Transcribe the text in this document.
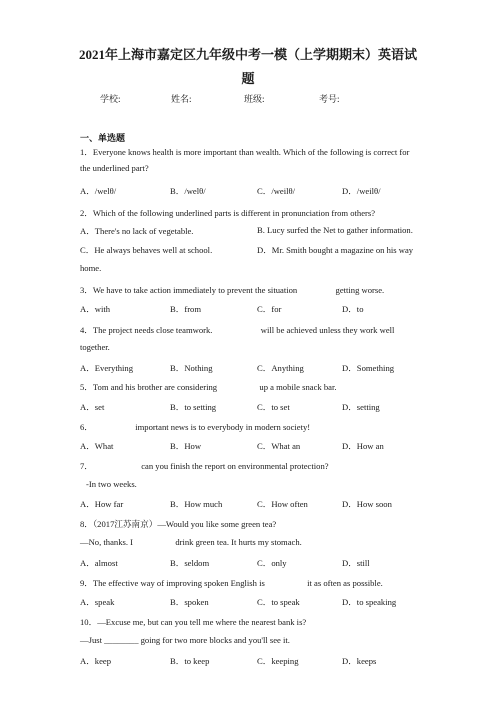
2021年上海市嘉定区九年级中考一模（上学期期末）英语试
题
学校:	姓名:	班级:	考号:
一、单选题
1．Everyone knows health is more important than wealth. Which of the following is correct for
the underlined part?
A．/welθ/	B．/welθ/	C．/weilθ/	D．/weilθ/
2．Which of the following underlined parts is different in pronunciation from others?
A．There's no lack of vegetable.	B. Lucy surfed the Net to gather information.
C．He always behaves well at school.	D．Mr. Smith bought a magazine on his way
home.
3．We have to take action immediately to prevent the situation	getting worse.
A．with	B．from	C．for	D．to
4．The project needs close teamwork.	will be achieved unless they work well
together.
A．Everything	B．Nothing	C．Anything	D．Something
5．Tom and his brother are considering	up a mobile snack bar.
A．set	B．to setting	C．to set	D．setting
6．	important news is to everybody in modern society!
A．What	B．How	C．What an	D．How an
7．	can you finish the report on environmental protection?
-In two weeks.
A．How far	B．How much	C．How often	D．How soon
8．（2017江苏南京）—Would you like some green tea?
—No, thanks. I	drink green tea. It hurts my stomach.
A．almost	B．seldom	C．only	D．still
9．The effective way of improving spoken English is	it as often as possible.
A．speak	B．spoken	C．to speak	D．to speaking
10．—Excuse me, but can you tell me where the nearest bank is?
—Just ________ going for two more blocks and you'll see it.
A．keep	B．to keep	C．keeping	D．keeps
